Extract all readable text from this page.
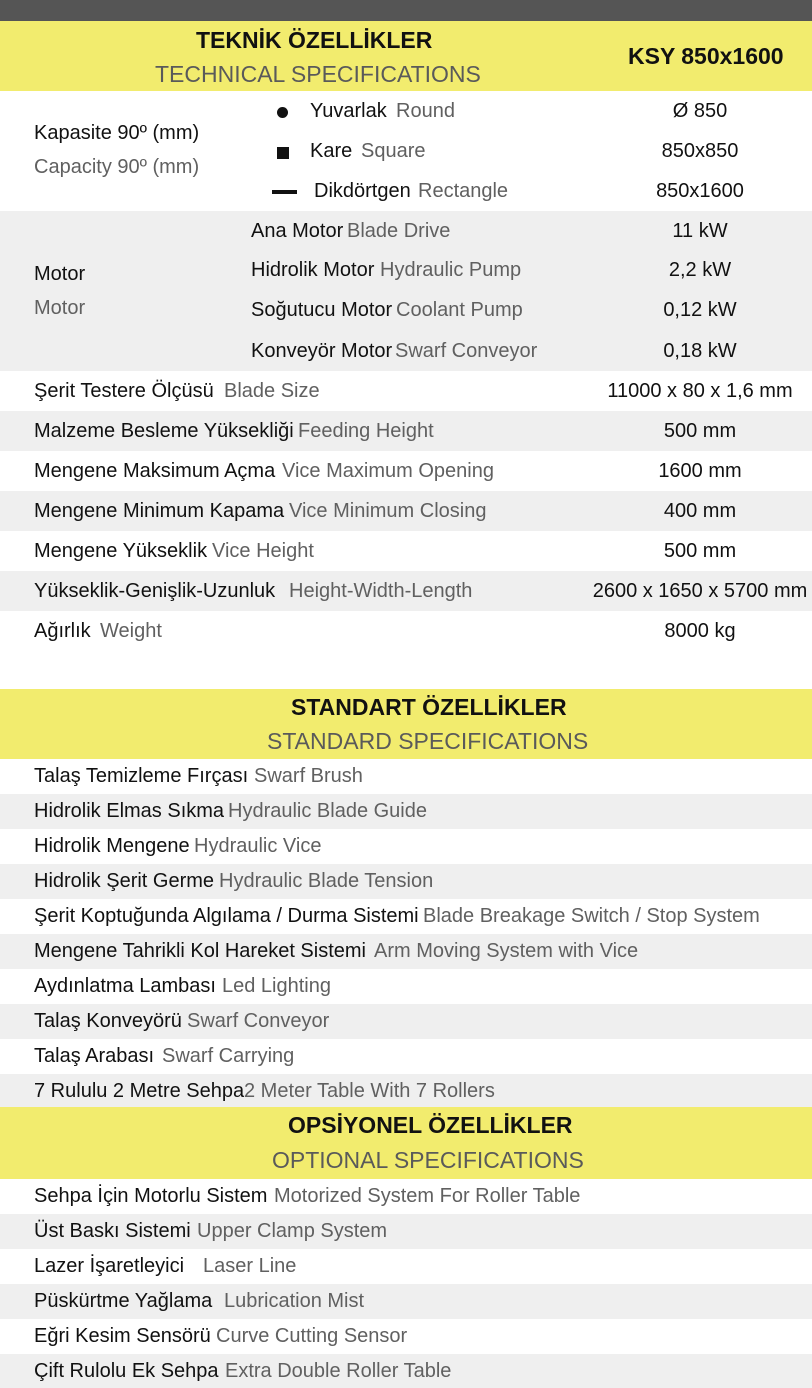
TEKNİK ÖZELLİKLER
TECHNICAL SPECIFICATIONS
KSY 850x1600
Kapasite 90º (mm)
Capacity 90º (mm)
Yuvarlak Round	Ø 850
Kare Square	850x850
Dikdörtgen Rectangle	850x1600
Motor
Motor
Ana Motor Blade Drive	11 kW
Hidrolik Motor Hydraulic Pump	2,2 kW
Soğutucu Motor Coolant Pump	0,12 kW
Konveyör Motor Swarf Conveyor	0,18 kW
Şerit Testere Ölçüsü Blade Size	11000 x 80 x 1,6 mm
Malzeme Besleme Yüksekliği Feeding Height	500 mm
Mengene Maksimum Açma Vice Maximum Opening	1600 mm
Mengene Minimum Kapama Vice Minimum Closing	400 mm
Mengene Yükseklik Vice Height	500 mm
Yükseklik-Genişlik-Uzunluk Height-Width-Length	2600 x 1650 x 5700 mm
Ağırlık Weight	8000 kg
STANDART ÖZELLİKLER
STANDARD SPECIFICATIONS
Talaş Temizleme Fırçası Swarf Brush
Hidrolik Elmas Sıkma Hydraulic Blade Guide
Hidrolik Mengene Hydraulic Vice
Hidrolik Şerit Germe Hydraulic Blade Tension
Şerit Koptuğunda Algılama / Durma Sistemi Blade Breakage Switch / Stop System
Mengene Tahrikli Kol Hareket Sistemi Arm Moving System with Vice
Aydınlatma Lambası Led Lighting
Talaş Konveyörü Swarf Conveyor
Talaş Arabası Swarf Carrying
7 Rululu 2 Metre Sehpa 2 Meter Table With 7 Rollers
OPSİYONEL ÖZELLİKLER
OPTIONAL SPECIFICATIONS
Sehpa İçin Motorlu Sistem Motorized System For Roller Table
Üst Baskı Sistemi Upper Clamp System
Lazer İşaretleyici Laser Line
Püskürtme Yağlama Lubrication Mist
Eğri Kesim Sensörü Curve Cutting Sensor
Çift Rulolu Ek Sehpa Extra Double Roller Table
